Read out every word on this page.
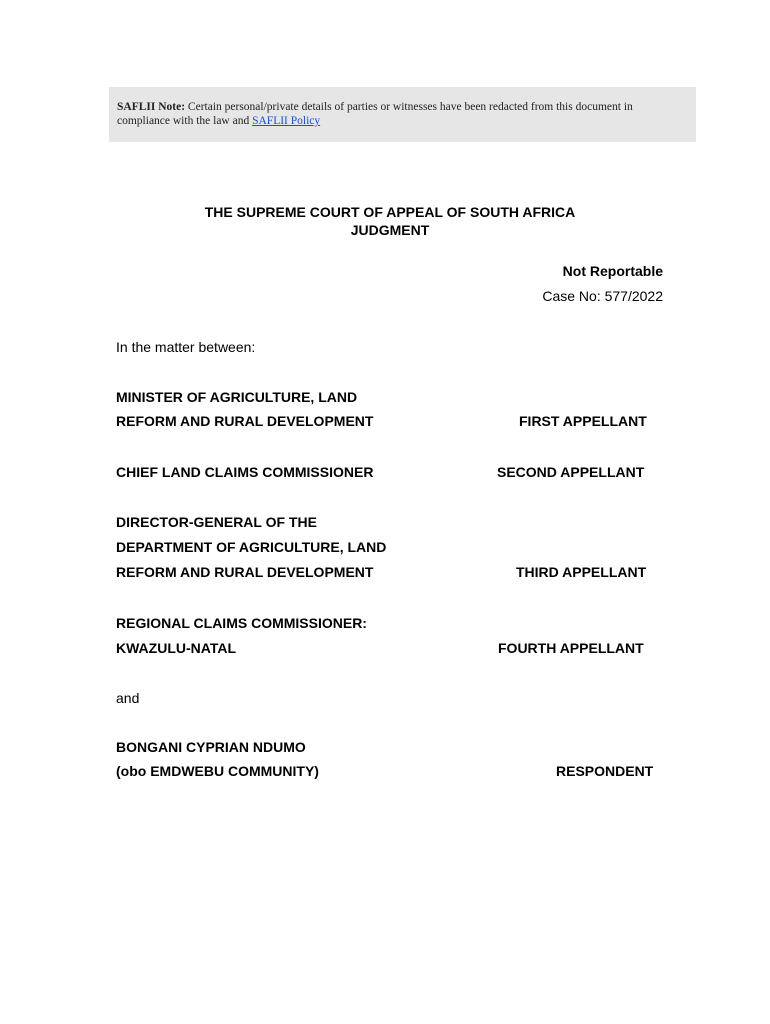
SAFLII Note: Certain personal/private details of parties or witnesses have been redacted from this document in compliance with the law and SAFLII Policy
THE SUPREME COURT OF APPEAL OF SOUTH AFRICA
JUDGMENT
Not Reportable
Case No: 577/2022
In the matter between:
MINISTER OF AGRICULTURE, LAND
REFORM AND RURAL DEVELOPMENT	FIRST APPELLANT
CHIEF LAND CLAIMS COMMISSIONER	SECOND APPELLANT
DIRECTOR-GENERAL OF THE
DEPARTMENT OF AGRICULTURE, LAND
REFORM AND RURAL DEVELOPMENT	THIRD APPELLANT
REGIONAL CLAIMS COMMISSIONER:
KWAZULU-NATAL	FOURTH APPELLANT
and
BONGANI CYPRIAN NDUMO
(obo EMDWEBU COMMUNITY)	RESPONDENT
